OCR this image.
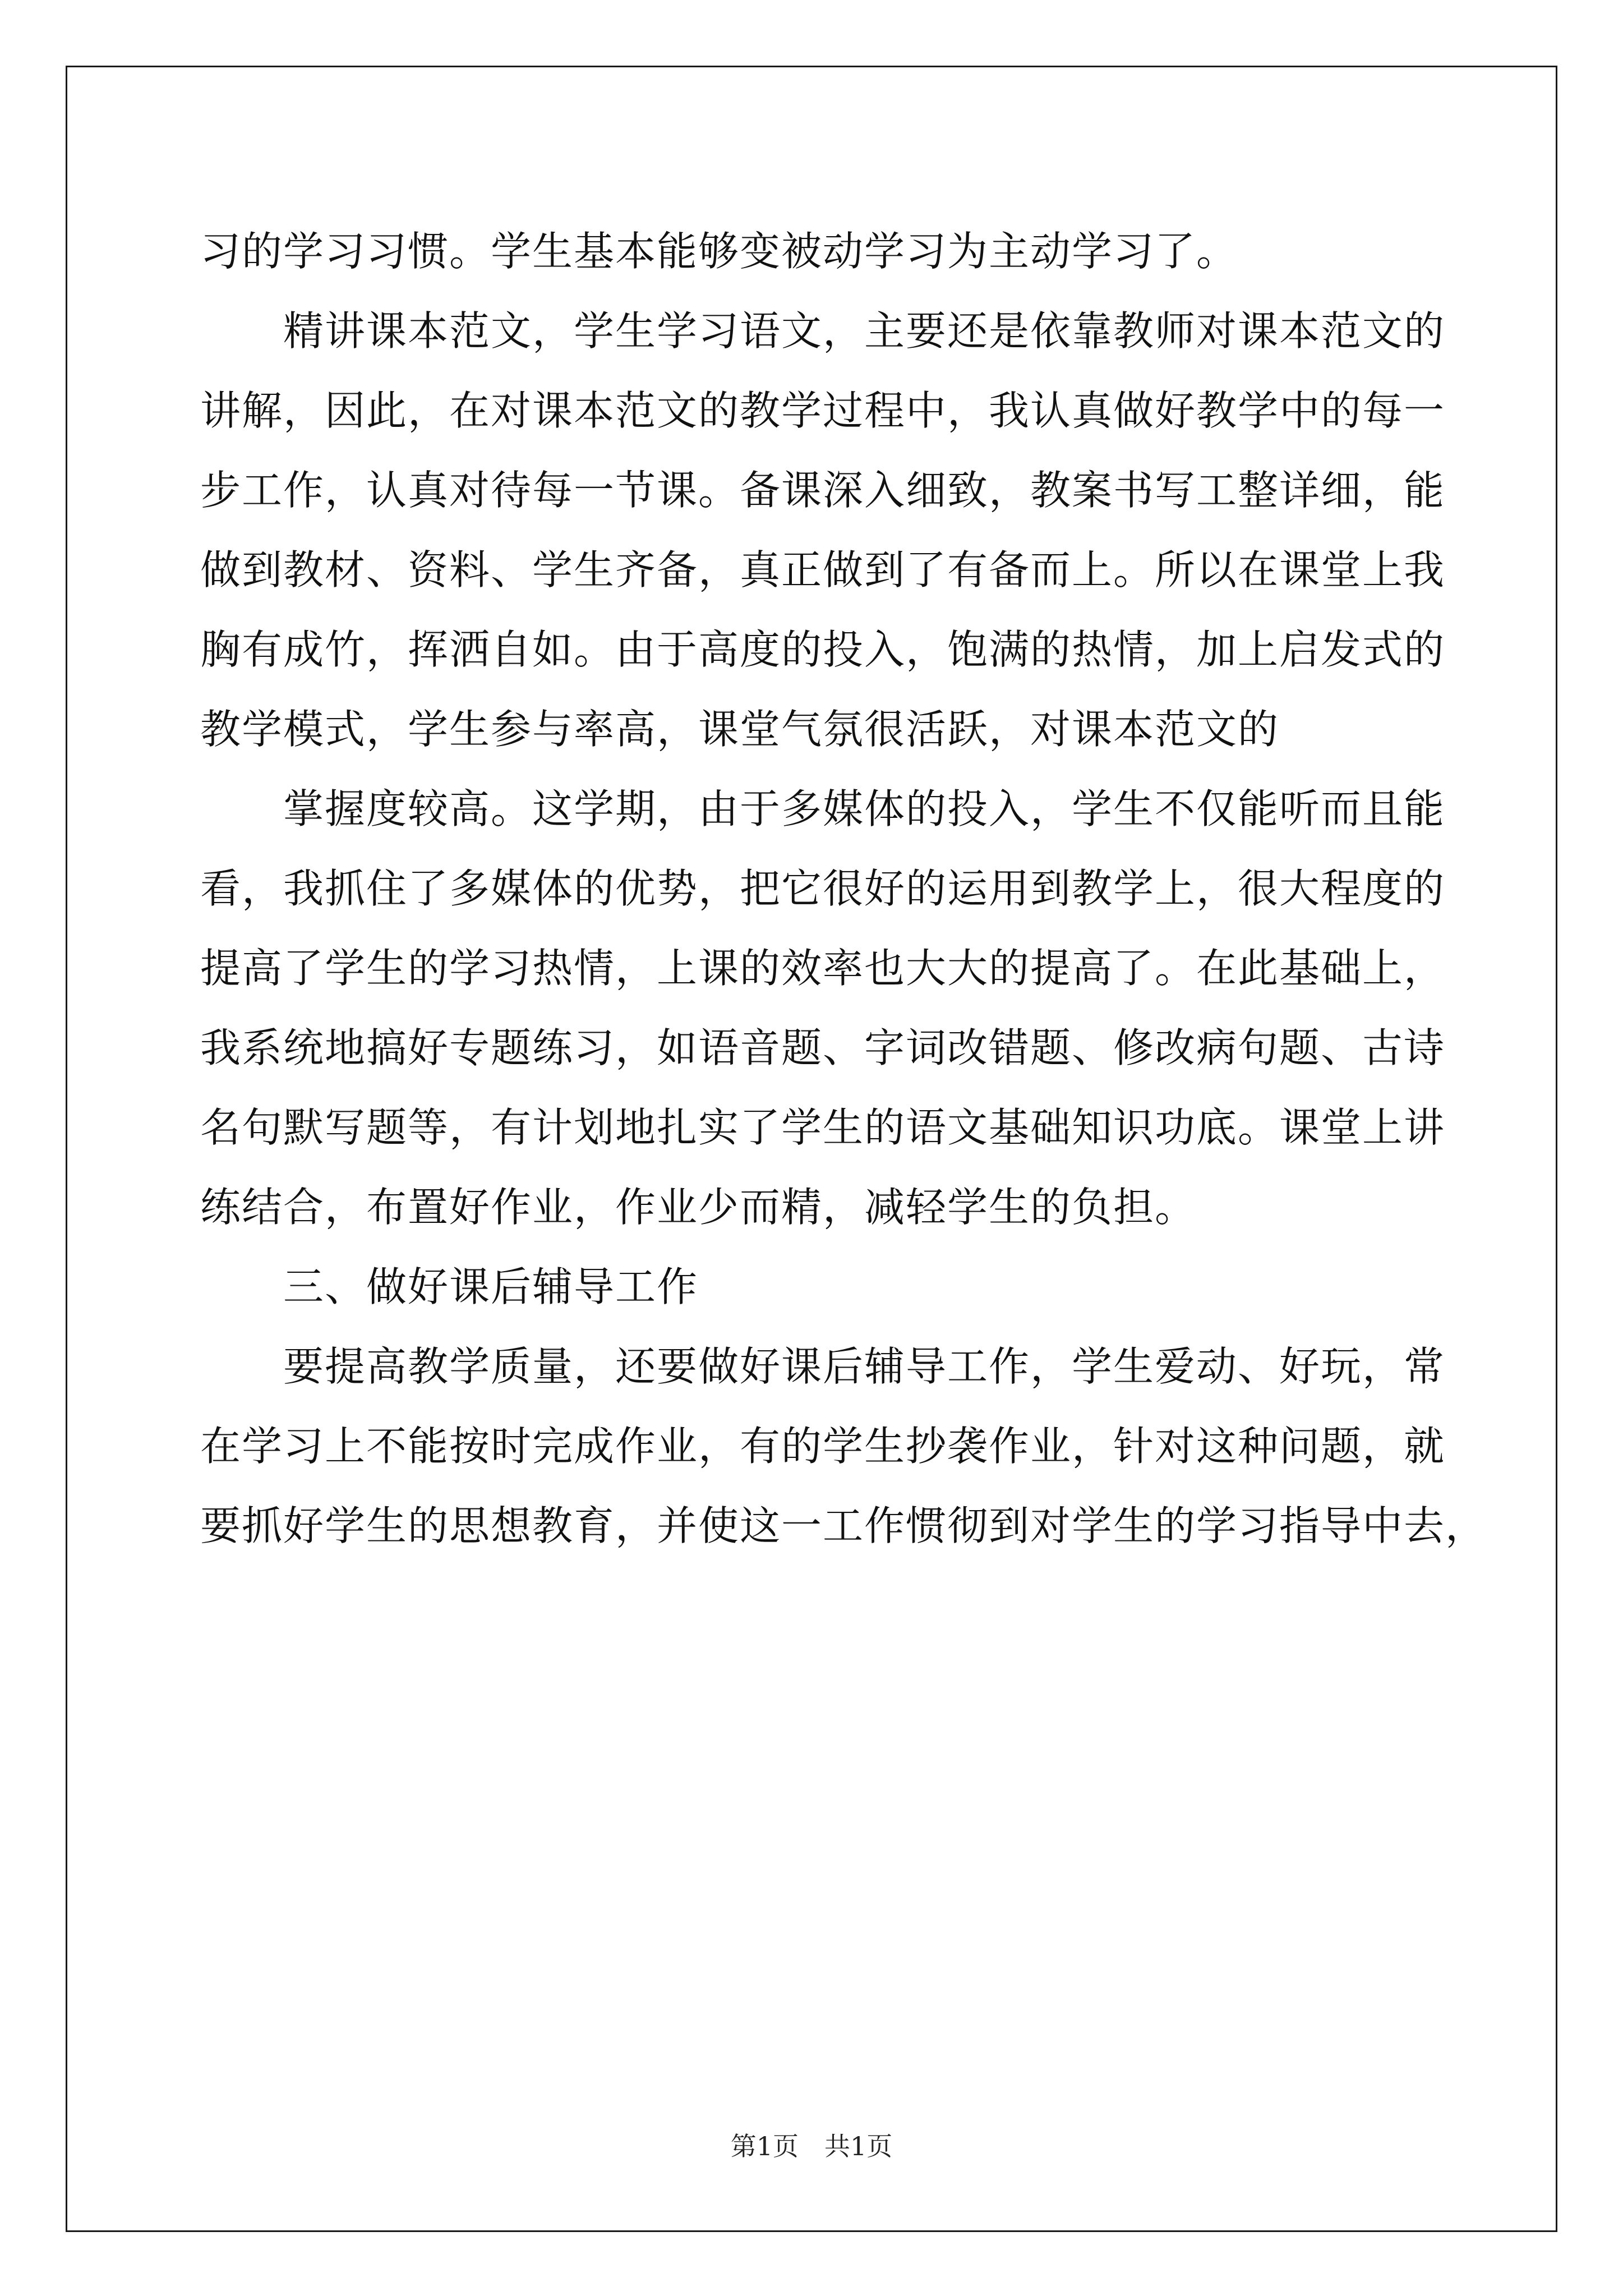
习的学习习惯。学生基本能够变被动学习为主动学习了。
　　精讲课本范文，学生学习语文，主要还是依靠教师对课本范文的
讲解，因此，在对课本范文的教学过程中，我认真做好教学中的每一
步工作，认真对待每一节课。备课深入细致，教案书写工整详细，能
做到教材、资料、学生齐备，真正做到了有备而上。所以在课堂上我
胸有成竹，挥洒自如。由于高度的投入，饱满的热情，加上启发式的
教学模式，学生参与率高，课堂气氛很活跃，对课本范文的
　　掌握度较高。这学期，由于多媒体的投入，学生不仅能听而且能
看，我抓住了多媒体的优势，把它很好的运用到教学上，很大程度的
提高了学生的学习热情，上课的效率也大大的提高了。在此基础上，
我系统地搞好专题练习，如语音题、字词改错题、修改病句题、古诗
名句默写题等，有计划地扎实了学生的语文基础知识功底。课堂上讲
练结合，布置好作业，作业少而精，减轻学生的负担。
　　三、做好课后辅导工作
　　要提高教学质量，还要做好课后辅导工作，学生爱动、好玩，常
在学习上不能按时完成作业，有的学生抄袭作业，针对这种问题，就
要抓好学生的思想教育，并使这一工作惯彻到对学生的学习指导中去，
第1页　共1页
